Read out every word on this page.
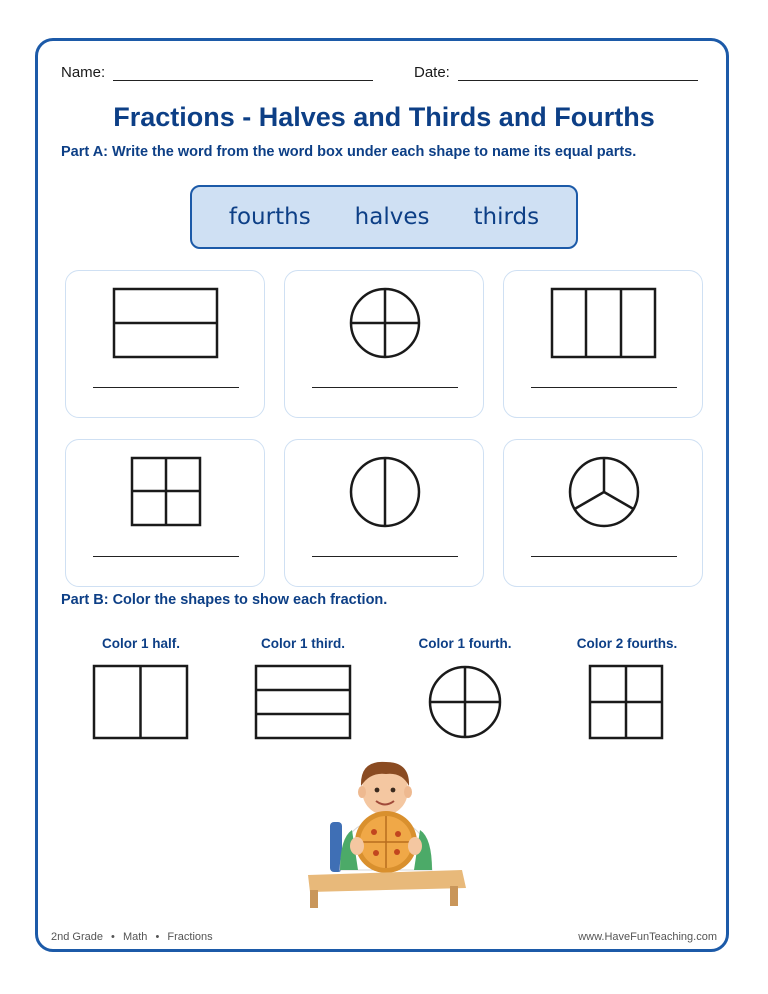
Name:	Date:
Fractions - Halves and Thirds and Fourths
Part A: Write the word from the word box under each shape to name its equal parts.
fourths halves thirds
Part B: Color the shapes to show each fraction.
Color 1 half.	Color 1 third.	Color 1 fourth.	Color 2 fourths.
2nd Grade • Math • Fractions	www.HaveFunTeaching.com
